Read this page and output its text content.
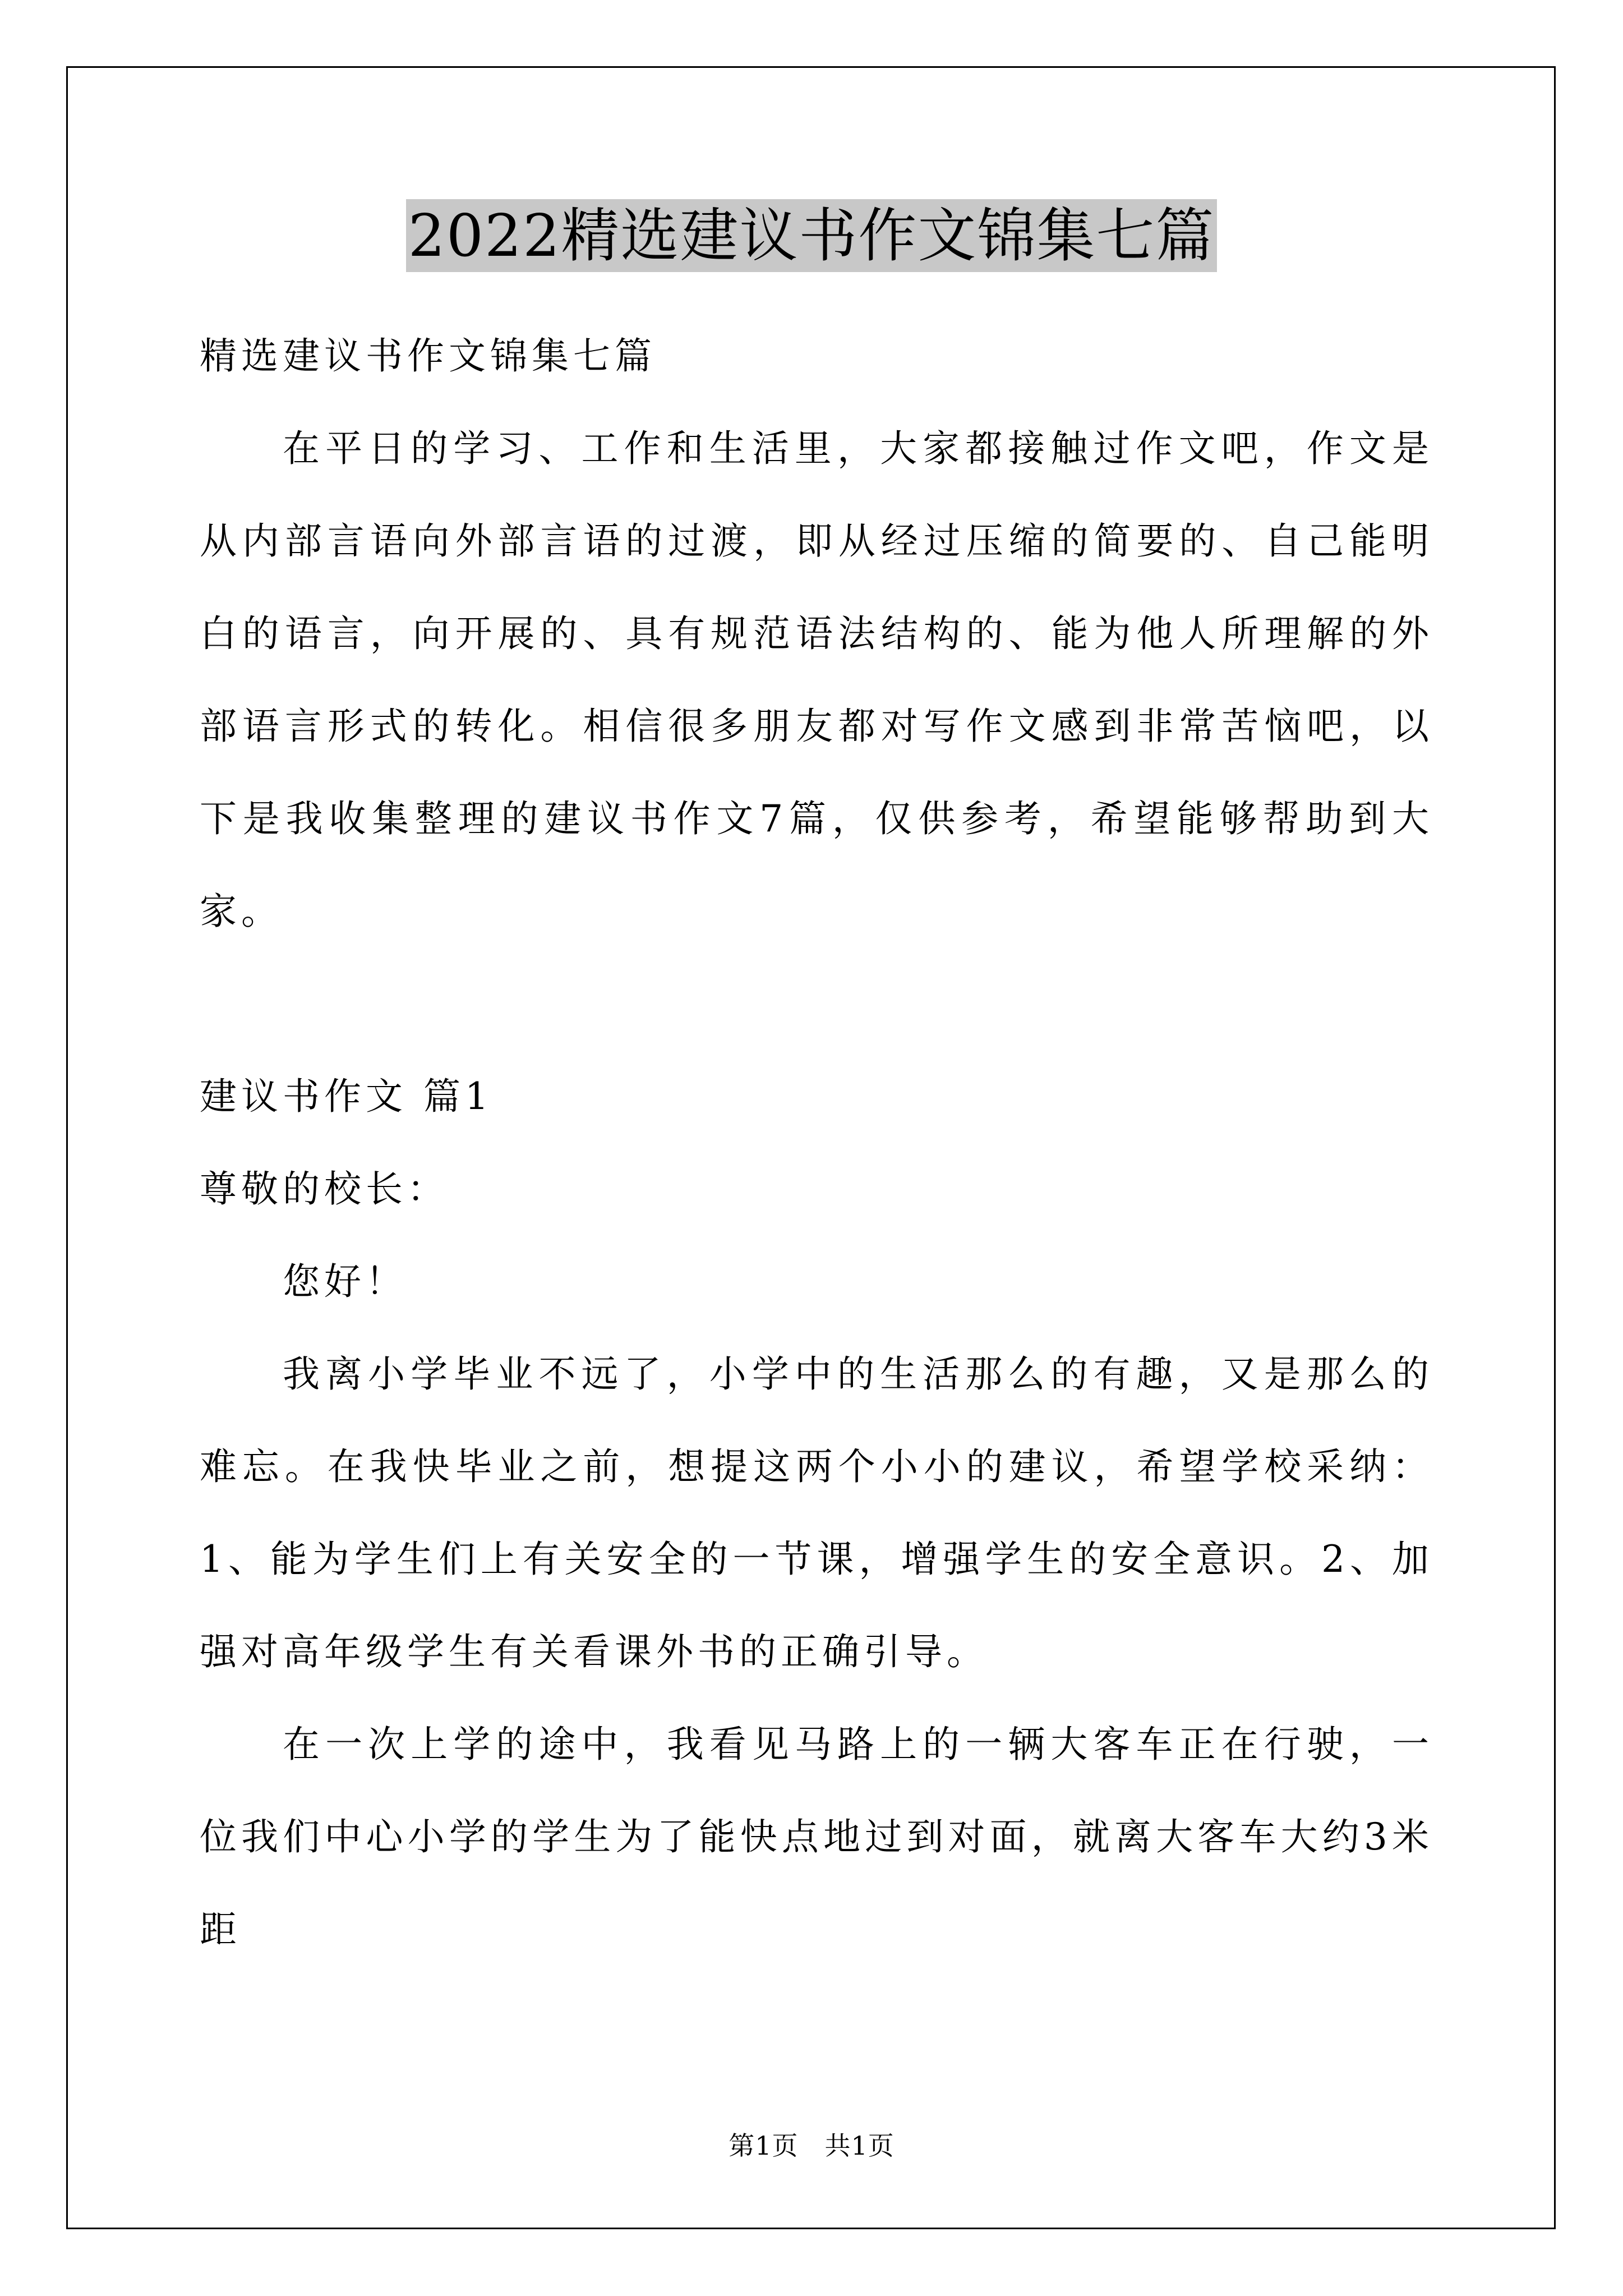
2022精选建议书作文锦集七篇

精选建议书作文锦集七篇

在平日的学习、工作和生活里，大家都接触过作文吧，作文是从内部言语向外部言语的过渡，即从经过压缩的简要的、自己能明白的语言，向开展的、具有规范语法结构的、能为他人所理解的外部语言形式的转化。相信很多朋友都对写作文感到非常苦恼吧，以下是我收集整理的建议书作文7篇，仅供参考，希望能够帮助到大家。

建议书作文 篇1

尊敬的校长：

您好！

我离小学毕业不远了，小学中的生活那么的有趣，又是那么的难忘。在我快毕业之前，想提这两个小小的建议，希望学校采纳：1、能为学生们上有关安全的一节课，增强学生的安全意识。2、加强对高年级学生有关看课外书的正确引导。

在一次上学的途中，我看见马路上的一辆大客车正在行驶，一位我们中心小学的学生为了能快点地过到对面，就离大客车大约3米距

第1页　共1页
